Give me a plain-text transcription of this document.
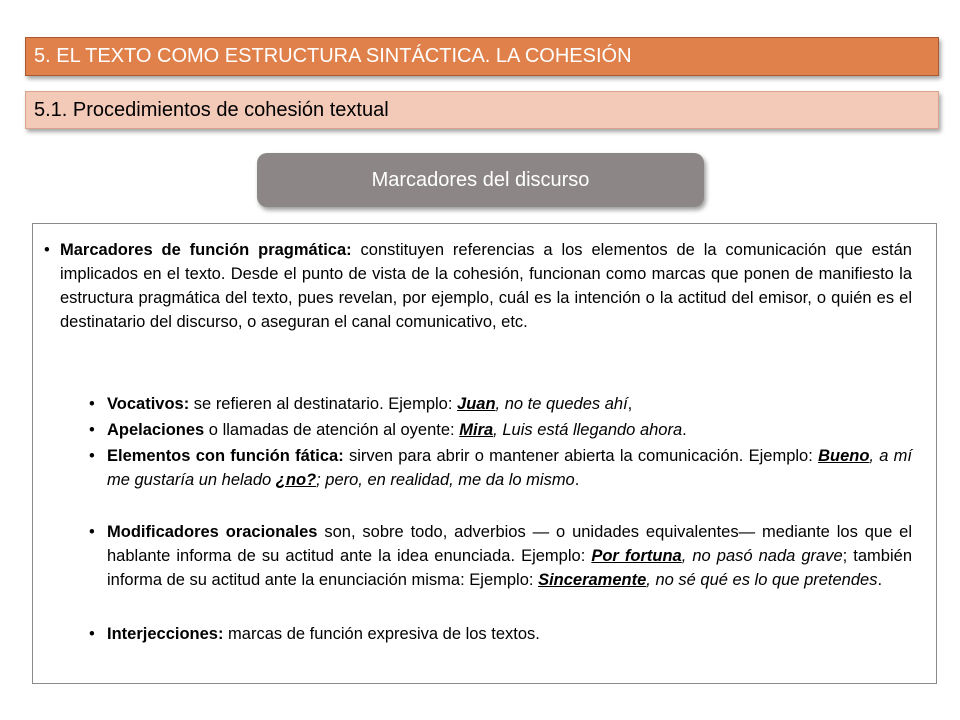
5. EL TEXTO COMO ESTRUCTURA SINTÁCTICA. LA COHESIÓN
5.1. Procedimientos de cohesión textual
Marcadores del discurso
• Marcadores de función pragmática: constituyen referencias a los elementos de la comunicación que están implicados en el texto. Desde el punto de vista de la cohesión, funcionan como marcas que ponen de manifiesto la estructura pragmática del texto, pues revelan, por ejemplo, cuál es la intención o la actitud del emisor, o quién es el destinatario del discurso, o aseguran el canal comunicativo, etc.
• Vocativos: se refieren al destinatario. Ejemplo: Juan, no te quedes ahí,
• Apelaciones o llamadas de atención al oyente: Mira, Luis está llegando ahora.
• Elementos con función fática: sirven para abrir o mantener abierta la comunicación. Ejemplo: Bueno, a mí me gustaría un helado ¿no?; pero, en realidad, me da lo mismo.
• Modificadores oracionales son, sobre todo, adverbios — o unidades equivalentes— mediante los que el hablante informa de su actitud ante la idea enunciada. Ejemplo: Por fortuna, no pasó nada grave; también informa de su actitud ante la enunciación misma: Ejemplo: Sinceramente, no sé qué es lo que pretendes.
• Interjecciones: marcas de función expresiva de los textos.
